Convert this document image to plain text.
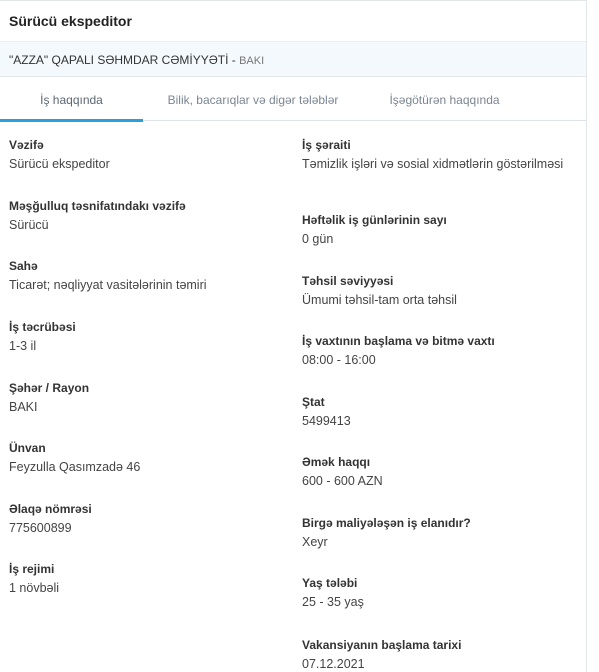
Sürücü ekspeditor
"AZZA" QAPALI SƏHMDAR CƏMİYYƏTİ - BAKI
İş haqqında	Bilik, bacarıqlar və digər tələblər	İşəgötürən haqqında
Vəzifə
Sürücü ekspeditor
Məşğulluq təsnifatındakı vəzifə
Sürücü
Sahə
Ticarət; nəqliyyat vasitələrinin təmiri
İş təcrübəsi
1-3 il
Şəhər / Rayon
BAKI
Ünvan
Feyzulla Qasımzadə 46
Əlaqə nömrəsi
775600899
İş rejimi
1 növbəli
İş şəraiti
Təmizlik işləri və sosial xidmətlərin göstərilməsi
Həftəlik iş günlərinin sayı
0 gün
Təhsil səviyyəsi
Ümumi təhsil-tam orta təhsil
İş vaxtının başlama və bitmə vaxtı
08:00 - 16:00
Ştat
5499413
Əmək haqqı
600 - 600 AZN
Birgə maliyələşən iş elanıdır?
Xeyr
Yaş tələbi
25 - 35 yaş
Vakansiyanın başlama tarixi
07.12.2021
